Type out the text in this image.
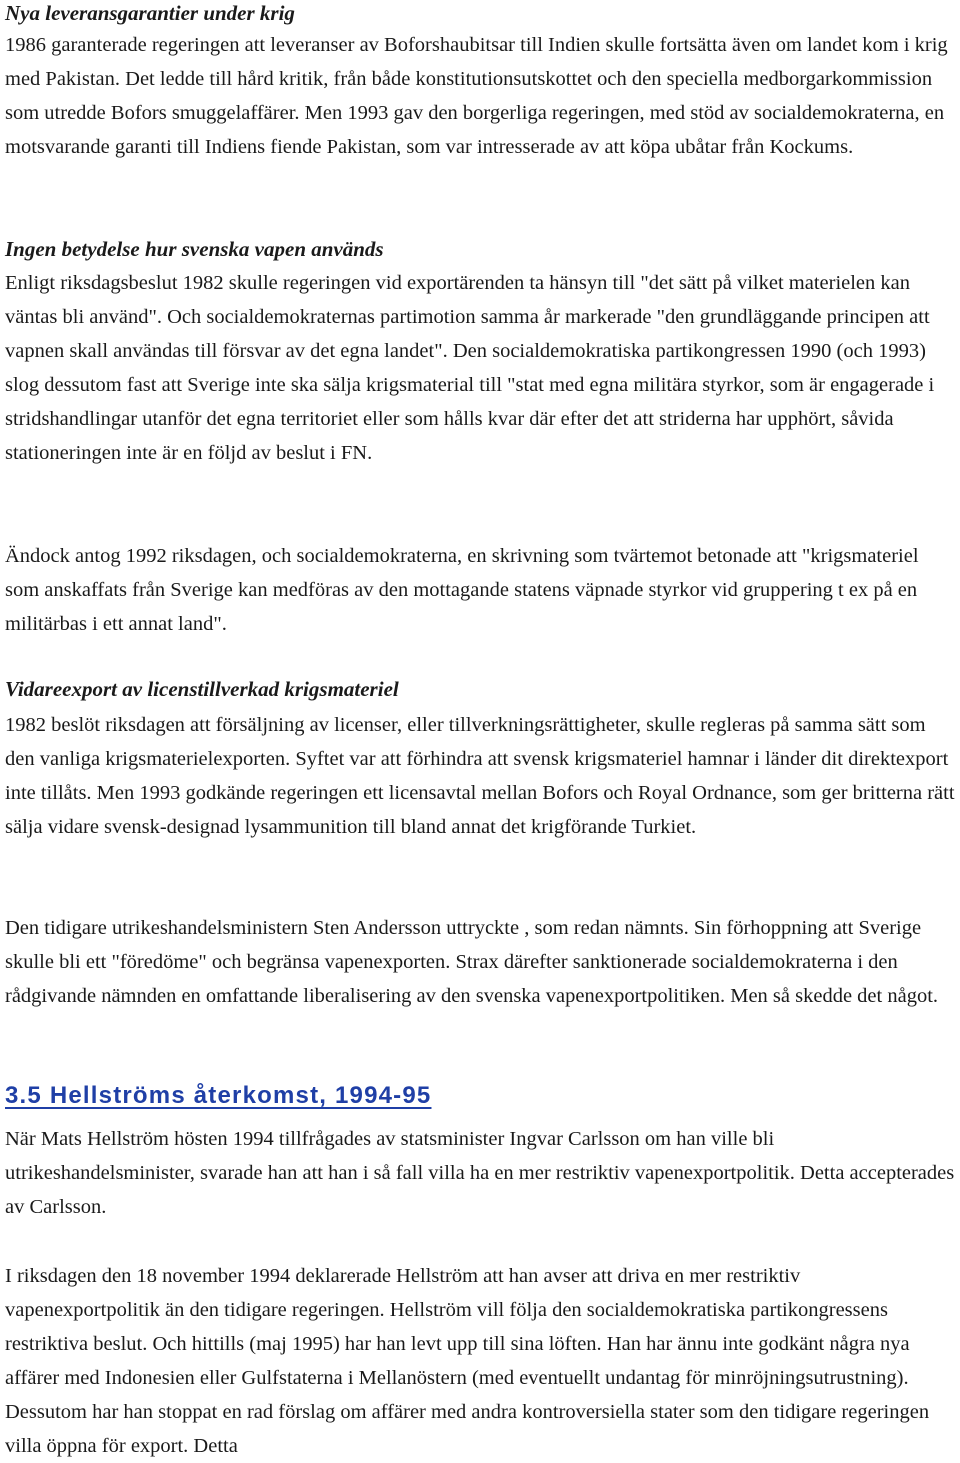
Nya leveransgarantier under krig

1986 garanterade regeringen att leveranser av Boforshaubitsar till Indien skulle fortsätta även om landet kom i krig med Pakistan. Det ledde till hård kritik, från både konstitutionsutskottet och den speciella medborgarkommission som utredde Bofors smuggelaffärer. Men 1993 gav den borgerliga regeringen, med stöd av socialdemokraterna, en motsvarande garanti till Indiens fiende Pakistan, som var intresserade av att köpa ubåtar från Kockums.

Ingen betydelse hur svenska vapen används

Enligt riksdagsbeslut 1982 skulle regeringen vid exportärenden ta hänsyn till "det sätt på vilket materielen kan väntas bli använd". Och socialdemokraternas partimotion samma år markerade "den grundläggande principen att vapnen skall användas till försvar av det egna landet". Den socialdemokratiska partikongressen 1990 (och 1993) slog dessutom fast att Sverige inte ska sälja krigsmaterial till "stat med egna militära styrkor, som är engagerade i stridshandlingar utanför det egna territoriet eller som hålls kvar där efter det att striderna har upphört, såvida stationeringen inte är en följd av beslut i FN.

Ändock antog 1992 riksdagen, och socialdemokraterna, en skrivning som tvärtemot betonade att "krigsmateriel som anskaffats från Sverige kan medföras av den mottagande statens väpnade styrkor vid gruppering t ex på en militärbas i ett annat land".

Vidareexport av licenstillverkad krigsmateriel

1982 beslöt riksdagen att försäljning av licenser, eller tillverkningsrättigheter, skulle regleras på samma sätt som den vanliga krigsmaterielexporten. Syftet var att förhindra att svensk krigsmateriel hamnar i länder dit direktexport inte tillåts. Men 1993 godkände regeringen ett licensavtal mellan Bofors och Royal Ordnance, som ger britterna rätt sälja vidare svensk-designad lysammunition till bland annat det krigförande Turkiet.

Den tidigare utrikeshandelsministern Sten Andersson uttryckte , som redan nämnts. Sin förhoppning att Sverige skulle bli ett "föredöme" och begränsa vapenexporten. Strax därefter sanktionerade socialdemokraterna i den rådgivande nämnden en omfattande liberalisering av den svenska vapenexportpolitiken. Men så skedde det något.

3.5 Hellströms återkomst, 1994-95

När Mats Hellström hösten 1994 tillfrågades av statsminister Ingvar Carlsson om han ville bli utrikeshandelsminister, svarade han att han i så fall villa ha en mer restriktiv vapenexportpolitik. Detta accepterades av Carlsson.

I riksdagen den 18 november 1994 deklarerade Hellström att han avser att driva en mer restriktiv vapenexportpolitik än den tidigare regeringen. Hellström vill följa den socialdemokratiska partikongressens restriktiva beslut. Och hittills (maj 1995) har han levt upp till sina löften. Han har ännu inte godkänt några nya affärer med Indonesien eller Gulfstaterna i Mellanöstern (med eventuellt undantag för minröjningsutrustning). Dessutom har han stoppat en rad förslag om affärer med andra kontroversiella stater som den tidigare regeringen villa öppna för export. Detta
